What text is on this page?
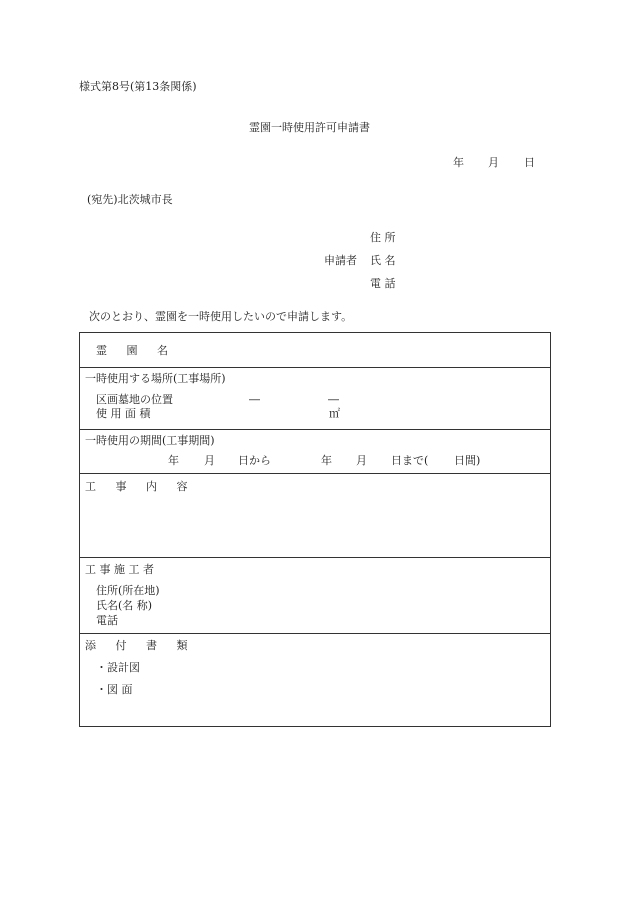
様式第8号(第13条関係)
霊園一時使用許可申請書
年 月 日
(宛先)北茨城市長
住 所
申請者 氏 名
電 話
次のとおり、霊園を一時使用したいので申請します。
霊 園 名
一時使用する場所(工事場所)
区画墓地の位置	―	―
使 用 面 積	㎡
一時使用の期間(工事期間)
年 月 日から	年 月 日まで( 日間)
工 事 内 容
工 事 施 工 者
住所(所在地)
氏名(名 称)
電話
添 付 書 類
・設計図
・図 面
